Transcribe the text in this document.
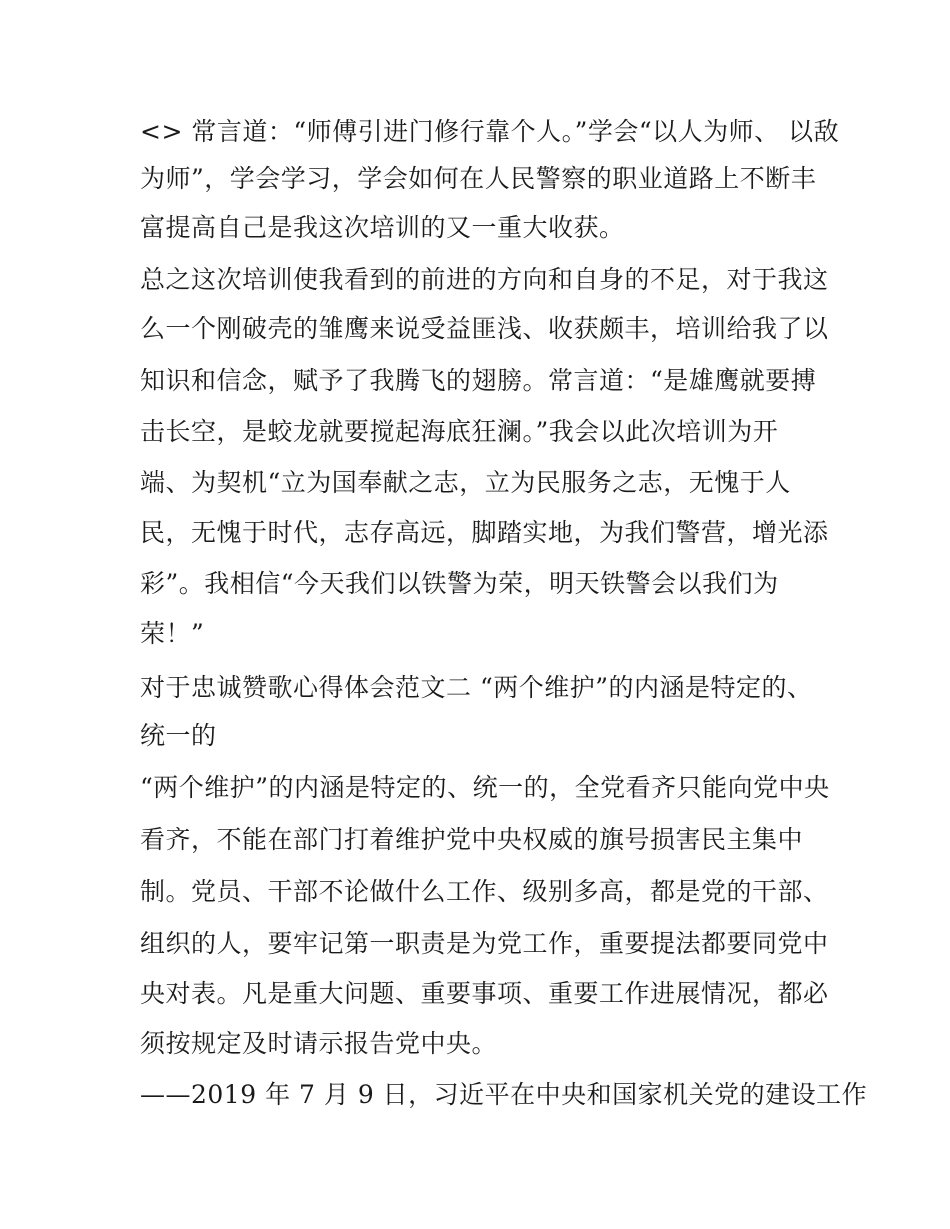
<> 常言道：“师傅引进门修行靠个人。”学会“以人为师、 以敌
为师”，学会学习，学会如何在人民警察的职业道路上不断丰
富提高自己是我这次培训的又一重大收获。
总之这次培训使我看到的前进的方向和自身的不足，对于我这
么一个刚破壳的雏鹰来说受益匪浅、收获颇丰，培训给我了以
知识和信念，赋予了我腾飞的翅膀。常言道：“是雄鹰就要搏
击长空，是蛟龙就要搅起海底狂澜。”我会以此次培训为开
端、为契机“立为国奉献之志，立为民服务之志，无愧于人
民，无愧于时代，志存高远，脚踏实地，为我们警营，增光添
彩”。我相信“今天我们以铁警为荣，明天铁警会以我们为
荣！”
对于忠诚赞歌心得体会范文二 “两个维护”的内涵是特定的、
统一的
“两个维护”的内涵是特定的、统一的，全党看齐只能向党中央
看齐，不能在部门打着维护党中央权威的旗号损害民主集中
制。党员、干部不论做什么工作、级别多高，都是党的干部、
组织的人，要牢记第一职责是为党工作，重要提法都要同党中
央对表。凡是重大问题、重要事项、重要工作进展情况，都必
须按规定及时请示报告党中央。
——2019 年 7 月 9 日，习近平在中央和国家机关党的建设工作
